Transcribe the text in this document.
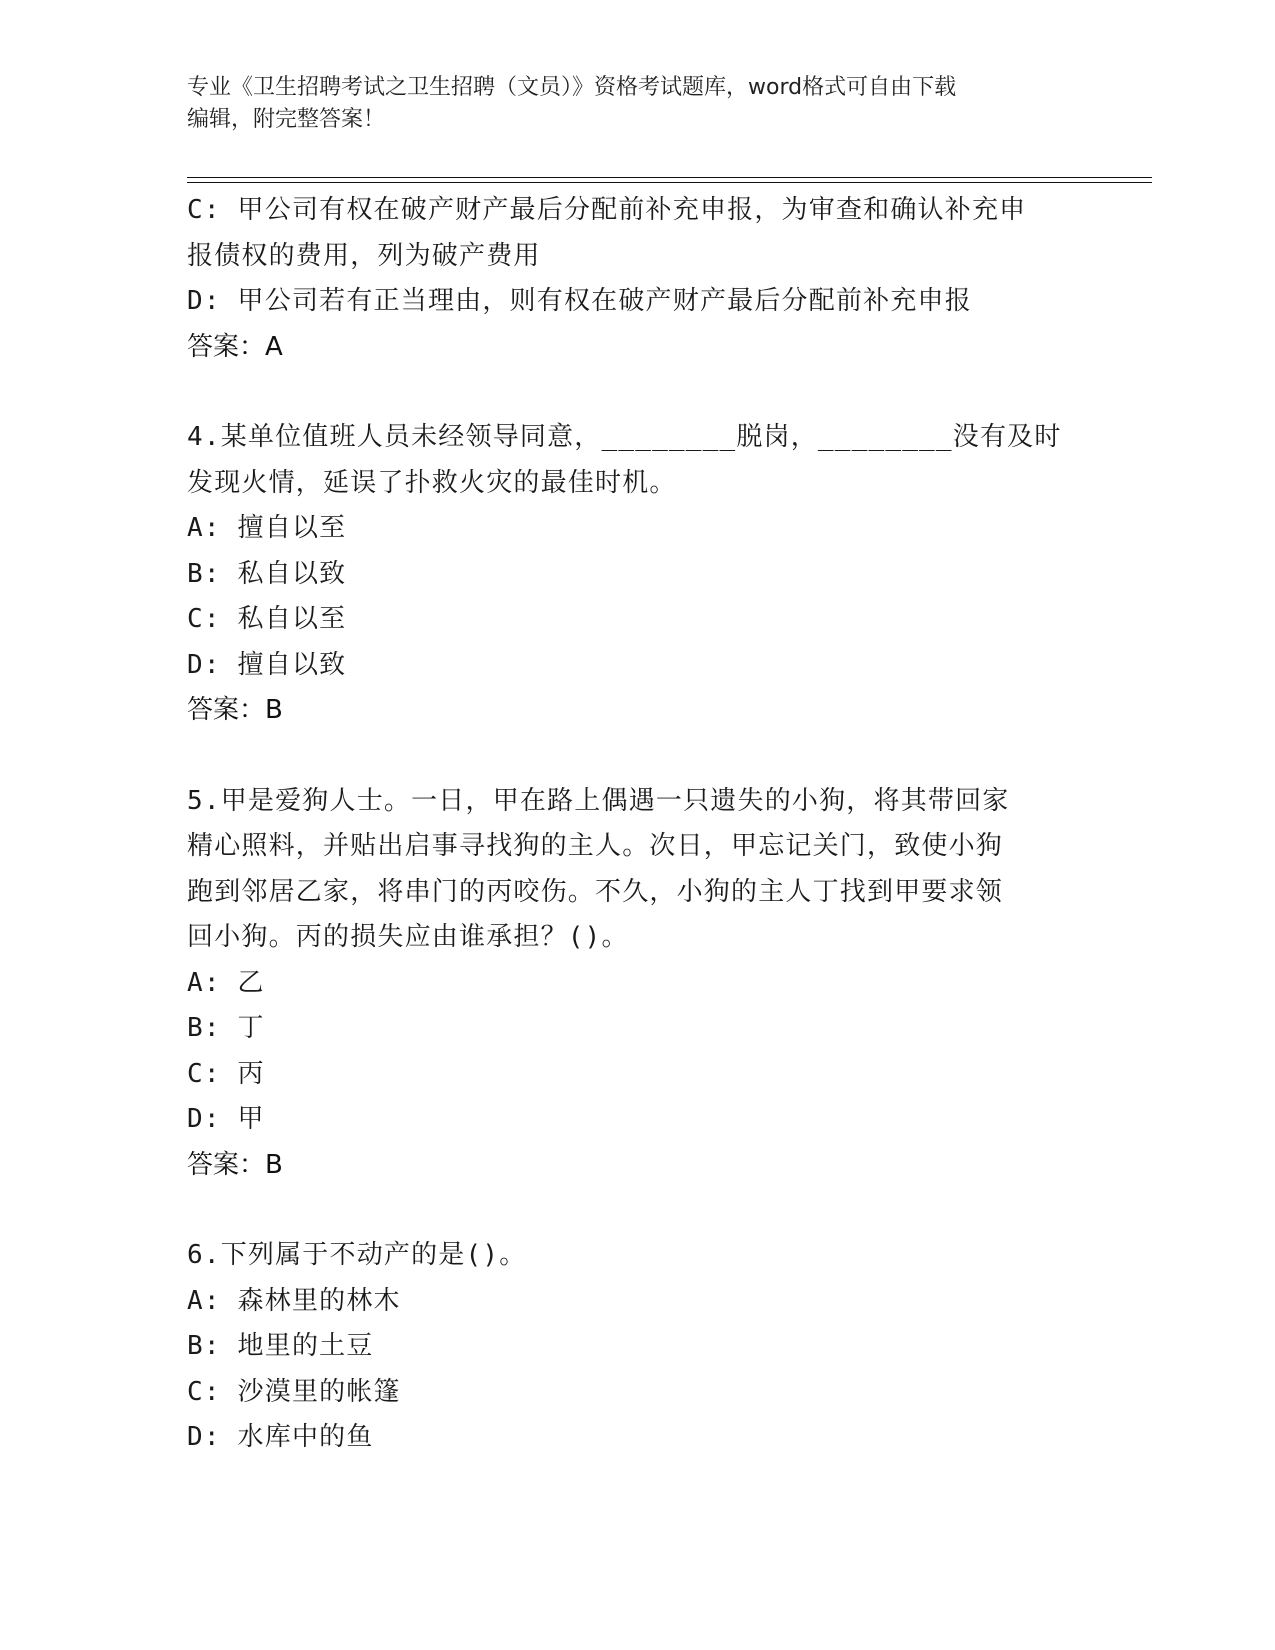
专业《卫生招聘考试之卫生招聘（文员）》资格考试题库，word格式可自由下载
编辑，附完整答案！
C: 甲公司有权在破产财产最后分配前补充申报，为审查和确认补充申
报债权的费用，列为破产费用
D: 甲公司若有正当理由，则有权在破产财产最后分配前补充申报
答案：A
4.某单位值班人员未经领导同意，________脱岗，________没有及时
发现火情，延误了扑救火灾的最佳时机。
A: 擅自以至
B: 私自以致
C: 私自以至
D: 擅自以致
答案：B
5.甲是爱狗人士。一日，甲在路上偶遇一只遗失的小狗，将其带回家
精心照料，并贴出启事寻找狗的主人。次日，甲忘记关门，致使小狗
跑到邻居乙家，将串门的丙咬伤。不久，小狗的主人丁找到甲要求领
回小狗。丙的损失应由谁承担？()。
A: 乙
B: 丁
C: 丙
D: 甲
答案：B
6.下列属于不动产的是()。
A: 森林里的林木
B: 地里的土豆
C: 沙漠里的帐篷
D: 水库中的鱼
